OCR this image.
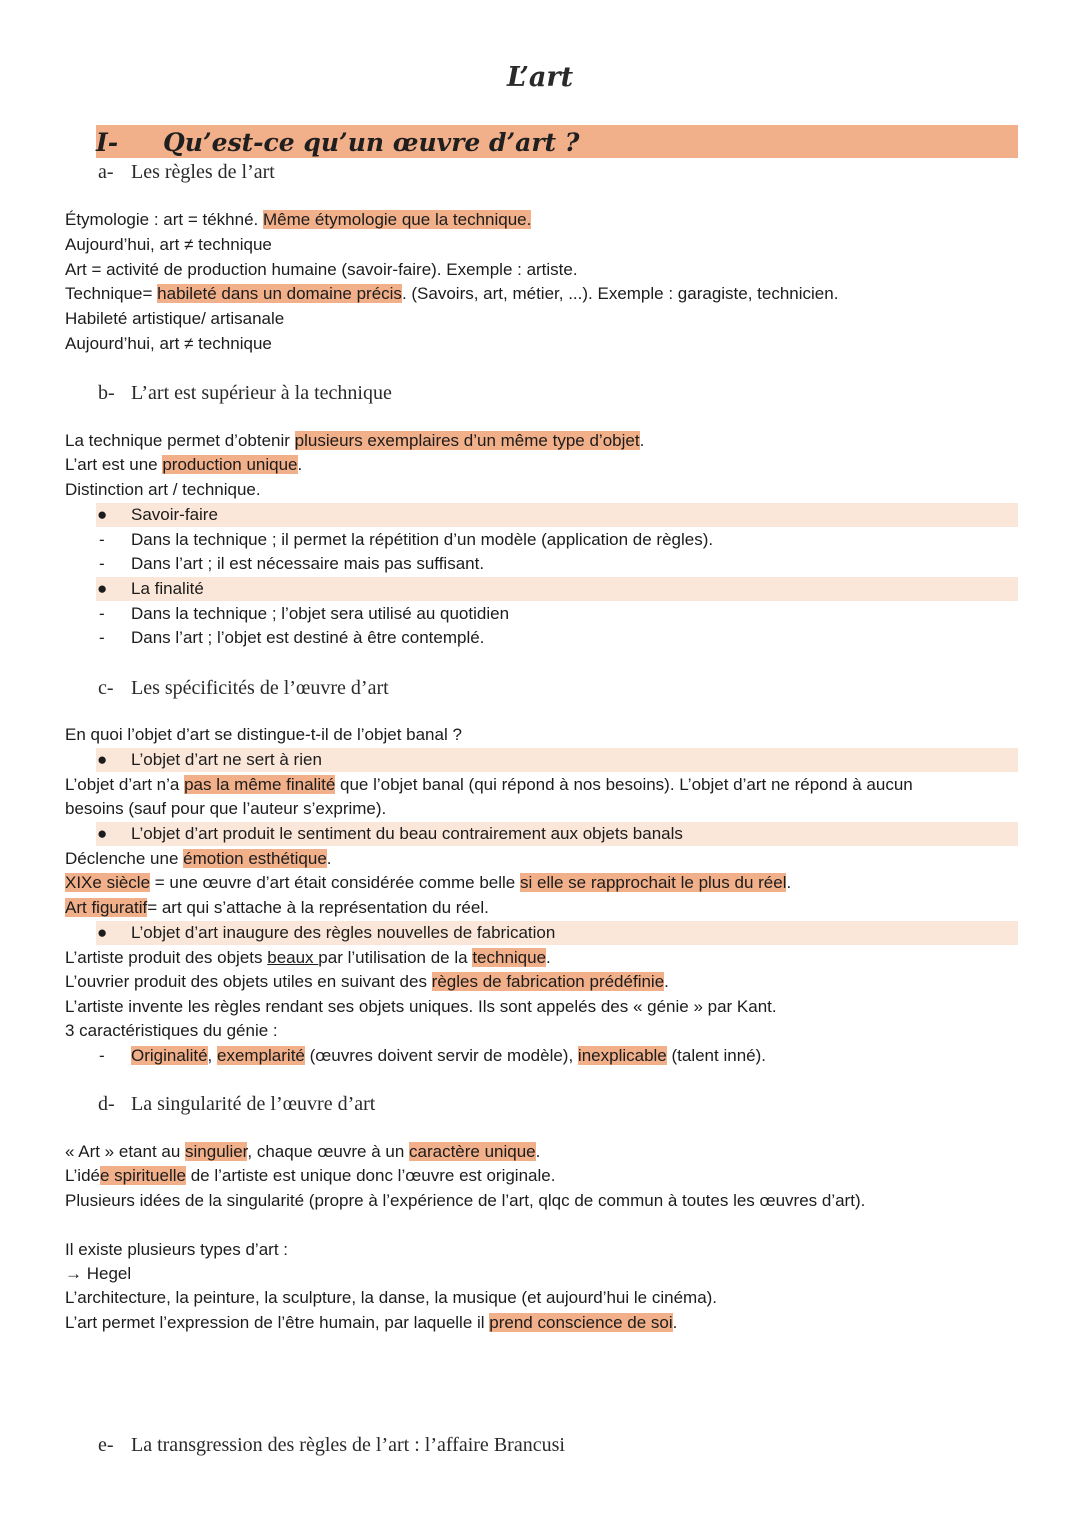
L’art
I- Qu’est-ce qu’un œuvre d’art ?
a- Les règles de l’art
Étymologie : art = tékhné. Même étymologie que la technique.
Aujourd’hui, art ≠ technique
Art = activité de production humaine (savoir-faire). Exemple : artiste.
Technique= habileté dans un domaine précis. (Savoirs, art, métier, ...). Exemple : garagiste, technicien.
Habileté artistique/ artisanale
Aujourd’hui, art ≠ technique
b- L’art est supérieur à la technique
La technique permet d’obtenir plusieurs exemplaires d’un même type d’objet.
L’art est une production unique.
Distinction art / technique.
● Savoir-faire
- Dans la technique ; il permet la répétition d’un modèle (application de règles).
- Dans l’art ; il est nécessaire mais pas suffisant.
● La finalité
- Dans la technique ; l’objet sera utilisé au quotidien
- Dans l’art ; l’objet est destiné à être contemplé.
c- Les spécificités de l’œuvre d’art
En quoi l’objet d’art se distingue-t-il de l’objet banal ?
● L’objet d’art ne sert à rien
L’objet d’art n’a pas la même finalité que l’objet banal (qui répond à nos besoins). L’objet d’art ne répond à aucun
besoins (sauf pour que l’auteur s’exprime).
● L’objet d’art produit le sentiment du beau contrairement aux objets banals
Déclenche une émotion esthétique.
XIXe siècle = une œuvre d’art était considérée comme belle si elle se rapprochait le plus du réel.
Art figuratif= art qui s’attache à la représentation du réel.
● L’objet d’art inaugure des règles nouvelles de fabrication
L’artiste produit des objets beaux par l’utilisation de la technique.
L’ouvrier produit des objets utiles en suivant des règles de fabrication prédéfinie.
L’artiste invente les règles rendant ses objets uniques. Ils sont appelés des « génie » par Kant.
3 caractéristiques du génie :
- Originalité, exemplarité (œuvres doivent servir de modèle), inexplicable (talent inné).
d- La singularité de l’œuvre d’art
« Art » etant au singulier, chaque œuvre à un caractère unique.
L’idée spirituelle de l’artiste est unique donc l’œuvre est originale.
Plusieurs idées de la singularité (propre à l’expérience de l’art, qlqc de commun à toutes les œuvres d’art).
Il existe plusieurs types d’art :
→ Hegel
L’architecture, la peinture, la sculpture, la danse, la musique (et aujourd’hui le cinéma).
L’art permet l’expression de l’être humain, par laquelle il prend conscience de soi.
e- La transgression des règles de l’art : l’affaire Brancusi
